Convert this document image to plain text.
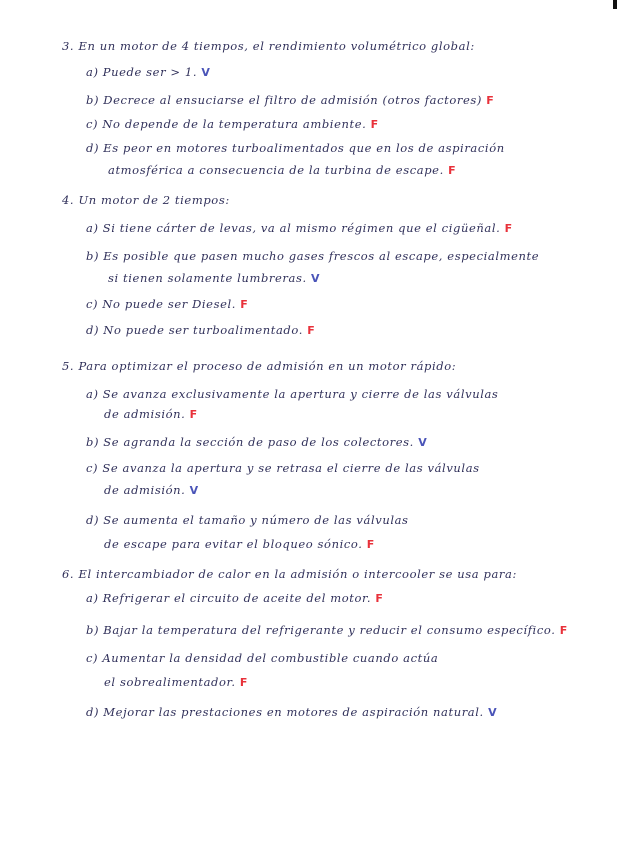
3. En un motor de 4 tiempos, el rendimiento volumétrico global:
a) Puede ser > 1. V
b) Decrece al ensuciarse el filtro de admisión (otros factores) F
c) No depende de la temperatura ambiente. F
d) Es peor en motores turboalimentados que en los de aspiración
atmosférica a consecuencia de la turbina de escape. F
4. Un motor de 2 tiempos:
a) Si tiene cárter de levas, va al mismo régimen que el cigüeñal. F
b) Es posible que pasen mucho gases frescos al escape, especialmente
si tienen solamente lumbreras. V
c) No puede ser Diesel. F
d) No puede ser turboalimentado. F
5. Para optimizar el proceso de admisión en un motor rápido:
a) Se avanza exclusivamente la apertura y cierre de las válvulas
de admisión. F
b) Se agranda la sección de paso de los colectores. V
c) Se avanza la apertura y se retrasa el cierre de las válvulas
de admisión. V
d) Se aumenta el tamaño y número de las válvulas
de escape para evitar el bloqueo sónico. F
6. El intercambiador de calor en la admisión o intercooler se usa para:
a) Refrigerar el circuito de aceite del motor. F
b) Bajar la temperatura del refrigerante y reducir el consumo específico. F
c) Aumentar la densidad del combustible cuando actúa
el sobrealimentador. F
d) Mejorar las prestaciones en motores de aspiración natural. V
